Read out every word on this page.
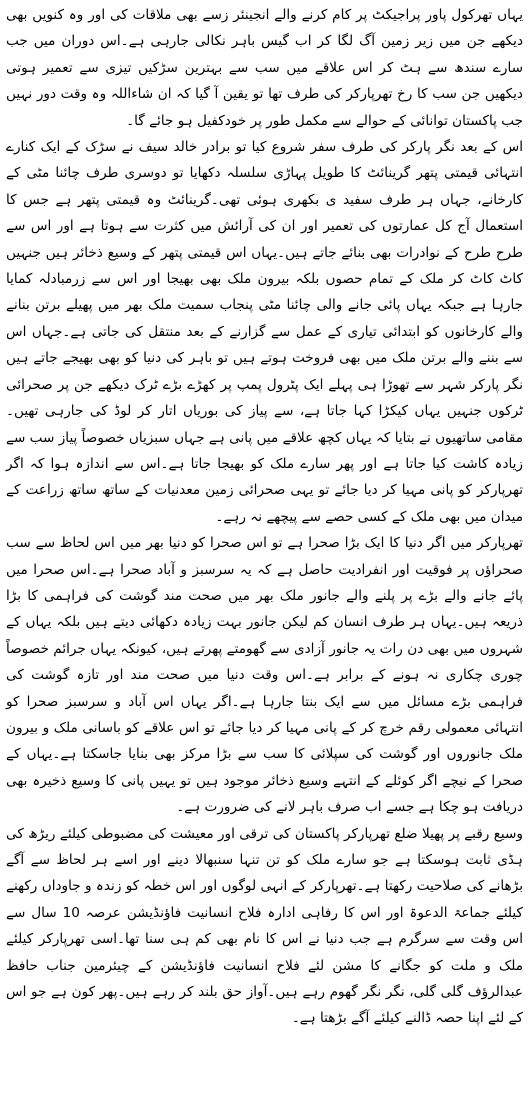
یہاں تھرکول پاور پراجیکٹ پر کام کرنے والے انجینئر زسے بھی ملاقات کی اور وہ کنویں بھی دیکھے جن میں زیر زمین آگ لگا کر اب گیس باہر نکالی جارہی ہے۔اس دوران میں جب سارے سندھ سے ہٹ کر اس علاقے میں سب سے بہترین سڑکیں تیزی سے تعمیر ہوتی دیکھیں جن سب کا رخ تھرپارکر کی طرف تھا تو یقین آ گیا کہ ان شاءاللہ وہ وقت دور نہیں جب پاکستان توانائی کے حوالے سے مکمل طور پر خودکفیل ہو جائے گا۔

اس کے بعد نگر پارکر کی طرف سفر شروع کیا تو برادر خالد سیف نے سڑک کے ایک کنارے انتہائی قیمتی پتھر گرینائٹ کا طویل پہاڑی سلسلہ دکھایا تو دوسری طرف چائنا مٹی کے کارخانے، جہاں ہر طرف سفید ی بکھری ہوئی تھی۔گرینائٹ وہ قیمتی پتھر ہے جس کا استعمال آج کل عمارتوں کی تعمیر اور ان کی آرائش میں کثرت سے ہوتا ہے اور اس سے طرح طرح کے نوادرات بھی بنائے جاتے ہیں۔یہاں اس قیمتی پتھر کے وسیع ذخائر ہیں جنہیں کاٹ کاٹ کر ملک کے تمام حصوں بلکہ بیرون ملک بھی بھیجا اور اس سے زرمبادلہ کمایا جارہا ہے جبکہ یہاں پائی جانے والی چائنا مٹی پنجاب سمیت ملک بھر میں پھیلے برتن بنانے والے کارخانوں کو ابتدائی تیاری کے عمل سے گزارنے کے بعد منتقل کی جاتی ہے۔جہاں اس سے بننے والے برتن ملک میں بھی فروخت ہوتے ہیں تو باہر کی دنیا کو بھی بھیجے جاتے ہیں نگر پارکر شہر سے تھوڑا ہی پہلے ایک پٹرول پمپ پر کھڑے بڑے ٹرک دیکھے جن پر صحرائی ٹرکوں جنہیں یہاں کیکڑا کہا جاتا ہے، سے پیاز کی بوریاں اتار کر لوڈ کی جارہی تھیں۔مقامی ساتھیوں نے بتایا کہ یہاں کچھ علاقے میں پانی ہے جہاں سبزیاں خصوصاً پیاز سب سے زیادہ کاشت کیا جاتا ہے اور پھر سارے ملک کو بھیجا جاتا ہے۔اس سے اندازہ ہوا کہ اگر تھرپارکر کو پانی مہیا کر دیا جائے تو یہی صحرائی زمین معدنیات کے ساتھ ساتھ زراعت کے میدان میں بھی ملک کے کسی حصے سے پیچھے نہ رہے۔

تھرپارکر میں اگر دنیا کا ایک بڑا صحرا ہے تو اس صحرا کو دنیا بھر میں اس لحاظ سے سب صحراؤں پر فوقیت اور انفرادیت حاصل ہے کہ یہ سرسبز و آباد صحرا ہے۔اس صحرا میں پائے جانے والے بڑے پر پلنے والے جانور ملک بھر میں صحت مند گوشت کی فراہمی کا بڑا ذریعہ ہیں۔یہاں ہر طرف انسان کم لیکن جانور بہت زیادہ دکھائی دیتے ہیں بلکہ یہاں کے شہروں میں بھی دن رات یہ جانور آزادی سے گھومتے پھرتے ہیں، کیونکہ یہاں جرائم خصوصاً چوری چکاری نہ ہونے کے برابر ہے۔اس وقت دنیا میں صحت مند اور تازہ گوشت کی فراہمی بڑے مسائل میں سے ایک بنتا جارہا ہے۔اگر یہاں اس آباد و سرسبز صحرا کو انتہائی معمولی رقم خرچ کر کے پانی مہیا کر دیا جائے تو اس علاقے کو باسانی ملک و بیرون ملک جانوروں اور گوشت کی سپلائی کا سب سے بڑا مرکز بھی بنایا جاسکتا ہے۔یہاں کے صحرا کے نیچے اگر کوئلے کے انتہے وسیع ذخائر موجود ہیں تو یہیں پانی کا وسیع ذخیرہ بھی دریافت ہو چکا ہے جسے اب صرف باہر لانے کی ضرورت ہے۔

وسیع رقبے پر پھیلا ضلع تھرپارکر پاکستان کی ترقی اور معیشت کی مضبوطی کیلئے ریڑھ کی ہڈی ثابت ہوسکتا ہے جو سارے ملک کو تن تنہا سنبھالا دینے اور اسے ہر لحاظ سے آگے بڑھانے کی صلاحیت رکھتا ہے۔تھرپارکر کے انہی لوگوں اور اس خطہ کو زندہ و جاوداں رکھنے کیلئے جماعۃ الدعوۃ اور اس کا رفاہی ادارہ فلاح انسانیت فاؤنڈیشن عرصہ 10 سال سے اس وقت سے سرگرم ہے جب دنیا نے اس کا نام بھی کم ہی سنا تھا۔اسی تھرپارکر کیلئے ملک و ملت کو جگانے کا مشن لئے فلاح انسانیت فاؤنڈیشن کے چیئرمین جناب حافظ عبدالرؤف گلی گلی، نگر نگر گھوم رہے ہیں۔آواز حق بلند کر رہے ہیں۔پھر کون ہے جو اس کے لئے اپنا حصہ ڈالنے کیلئے آگے بڑھتا ہے۔
